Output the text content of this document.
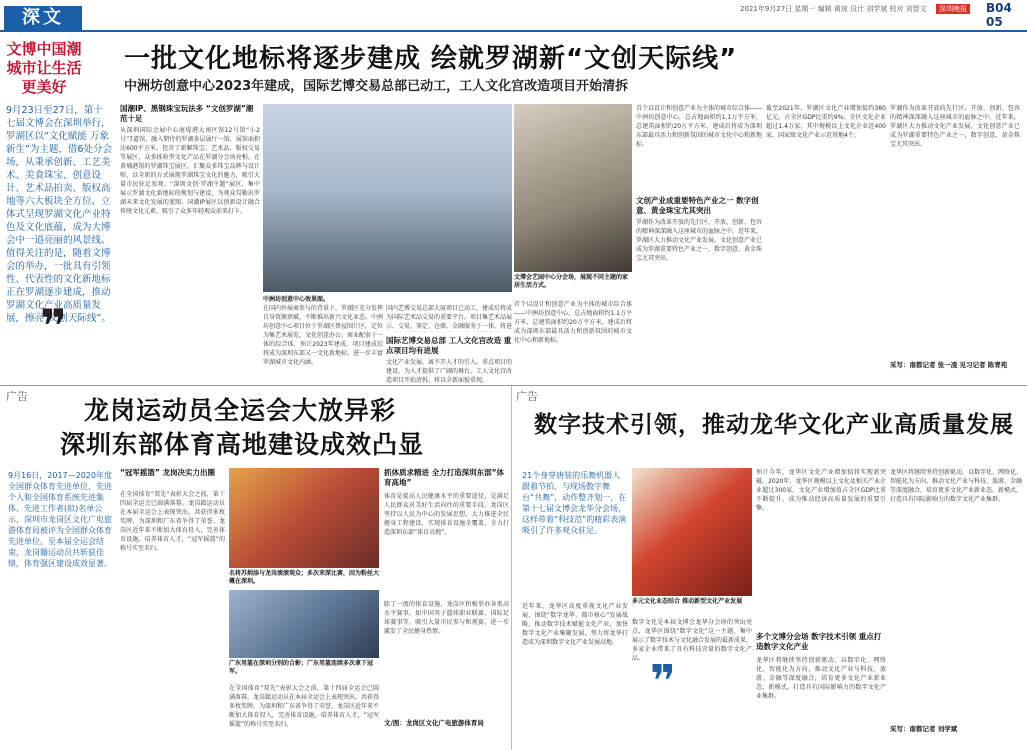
深文	2021年9月27日 星期一 编辑 黄琼 设计 刘学斌 校对 刘智文	深圳晚报 B04 05
文博中国潮 城市让生活更美好
一批文化地标将逐步建成 绘就罗湖新“文创天际线”
中洲坊创意中心2023年建成，国际艺博交易总部已动工，工人文化宫改造项目开始清拆
9月23日至27日，第十七届文博会在深圳举行，罗湖区以“文化赋能 万象新生”为主题，借6处分会场，从秉承创新、工艺美术、美食珠宝、创意设计、艺术品拍卖、版权高地等六大板块全方位、立体式呈现罗湖文化产业特色及文化底蕴，成为大博会中一道亮丽的风景线。值得关注的是，随着文博会的举办，一批具有引领性、代表性的文化新地标正在罗湖逐步建成，推动罗湖文化产业高质量发展，擦亮“文创天际线”。
❞
国潮IP、黑钢珠宝玩法多 “文创罗湖”潮范十足
从深圳国际会展中心南堤港大南区馆12号馆“小2号”7道馆，融入期待的罗湖多层展厅一馆，展馆面积达600平方米。包含了新颖珠宝、艺术品、版权交易等展区，众多体验型文化产品在罗湖分会场亮相。在黄埔港馆的罗湖珠宝展区，汇聚众多珠宝品牌与设计师，以全新的方式展现罗湖珠宝文化的魅力，吸引大量市民驻足参观。“深圳文创·罗湖主题”展区，集中展示罗湖文化新地标的规划与建设，为观众勾勒出罗湖未来文化发展的蓝图。国潮IP展区以创新设计融合传统文化元素，吸引了众多年轻观众前来打卡。
中洲坊创意中心效果图。
文博会艺园中心分会场，展现不同主题的家居生活方式。
在国内外展商参与的背景下，罗湖区充分发挥自身资源禀赋，不断推出新兴文化业态。中洲坊创意中心项目位于罗湖区蔡屋围片区，定位为集艺术展览、文化创意办公、商业配套于一体的综合体，预计2023年建成。项目建成后将成为深圳东部又一文化新地标，进一步丰富罗湖城市文化内涵。
国内艺博交易总部大厦项目已动工，建成后将成为国际艺术品交易的重要平台。项目集艺术品展示、交易、鉴定、仓储、金融服务于一体，将进
国际艺博交易总部 工人文化宫改造 重点项目均有进展
文化产业发展，离不开人才的引入。重点项目的建设，为人才提供了广阔的舞台。工人文化宫改造项目开始清拆，将以全新面貌重现。
首个以设计和创意产业为主体的城市综合体——中洲坊创意中心，总占地面积约1.1万平方米，总建筑面积约20万平方米，建成后将成为深圳东部最具活力和创新氛围的城市文化中心和新地标。
首个以设计和创意产业为主体的城市综合体——中洲坊创意中心，总占地面积约1.1万平方米，总建筑面积约20万平方米，建成后将成为深圳东部最具活力和创新氛围的城市文化中心和新地标。
文创产业成重要特色产业之一 数字创意、黄金珠宝尤其突出
罗湖作为改革开放的先行区，开放、创新、包容的精神深深融入这座城市的血脉之中。近年来，罗湖区大力推动文化产业发展，文化创意产业已成为罗湖重要特色产业之一，数字创意、黄金珠宝尤其突出。
截至2021年，罗湖区文化产业增加值约380亿元，占全区GDP比重约9%。全区文化企业超过1.4万家，其中规模以上文化企业近400家，国家级文化产业示范基地4个。
罗湖作为改革开放的先行区，开放、创新、包容的精神深深融入这座城市的血脉之中。近年来，罗湖区大力推动文化产业发展，文化创意产业已成为罗湖重要特色产业之一，数字创意、黄金珠宝尤其突出。
采写：南都记者 张一凌 见习记者 陈青苑
广告 龙岗运动员全运会大放异彩
深圳东部体育高地建设成效凸显
9月16日，2017—2020年度全国群众体育先进单位、先进个人和全国体育系统先进集体、先进工作者(拟)名单公示，深圳市龙岗区文化广电旅游体育局被评为全国群众体育先进单位。至本届全运会结束，龙岗籍运动员共斩获佳绩，体育强区建设成效显著。
“冠军摇篮” 龙岗决实力出圈
在全国体育“双先”表彰大会之前，第十四届全运会已圆满落幕。龙岗籍运动员在本届全运会上表现突出，共获得多枚奖牌，为深圳和广东省争得了荣誉。龙岗区近年来不断加大体育投入，完善体育设施，培养体育人才，“冠军摇篮”的称号实至名归。
名将苏炳添与龙岗滚滚观众；多次来深比赛，因为粉丝大概在深圳。
广东男篮在深圳分别的合影；广东男篮连续多次拿下冠军。
在全国体育“双先”表彰大会之前，第十四届全运会已圆满落幕。龙岗籍运动员在本届全运会上表现突出，共获得多枚奖牌，为深圳和广东省争得了荣誉。龙岗区近年来不断加大体育投入，完善体育设施，培养体育人才，“冠军摇篮”的称号实至名归。
抓体质求精进 全力打造深圳东部“体育高地”
体育是提高人民健康水平的重要途径，是满足人民群众对美好生活向往的重要手段。龙岗区坚持以人民为中心的发展思想，大力推进全民健身工程建设，实现体育设施全覆盖，全力打造深圳东部“体育高地”。
除了一流的体育设施，龙岗区积极举办各类高水平赛事，如中国男子篮球职业联赛、国际足球赛事等，吸引大量市民参与和观赛，进一步激发了全民健身热情。
文/图：龙岗区文化广电旅游体育局
广告
数字技术引领，推动龙华文化产业高质量发展
21个身穿唐装的乐舞机器人跟着节拍，与现场数字舞台“共舞”，动作整齐划一，在第十七届文博会龙华分会场，这样带着“科技范”的精彩表演吸引了许多观众驻足。
近年来，龙华区高度重视文化产业发展，围绕“数字龙华、都市核心”发展战略，推动数字技术赋能文化产业，加快数字文化产业集聚发展，努力将龙华打造成为深圳数字文化产业发展高地。
多元文化业态结合 推动新型文化产业发展
数字文化是本届文博会龙华分会场的突出亮点，龙华区围绕“数字文化”这一主题，集中展示了数字技术与文化融合发展的最新成果，多家企业带来了具有科技含量的数字文化产品。 ❞
预计今年，龙华区文化产业增加值将实现新突破。2020年，龙华区规模以上文化及相关产业企业超过300家，文化产业增加值占全区GDP比重不断提升，成为推动经济高质量发展的重要引擎。
多个文博分会场 数字技术引领 重点打造数字文化产业
龙华区将继续坚持创新驱动，以数字化、网络化、智能化为方向，推动文化产业与科技、旅游、金融等深度融合，培育更多文化产业新业态、新模式，打造具有国际影响力的数字文化产业集群。
龙华区将继续坚持创新驱动，以数字化、网络化、智能化为方向，推动文化产业与科技、旅游、金融等深度融合，培育更多文化产业新业态、新模式，打造具有国际影响力的数字文化产业集群。
采写：南都记者 刘学斌
